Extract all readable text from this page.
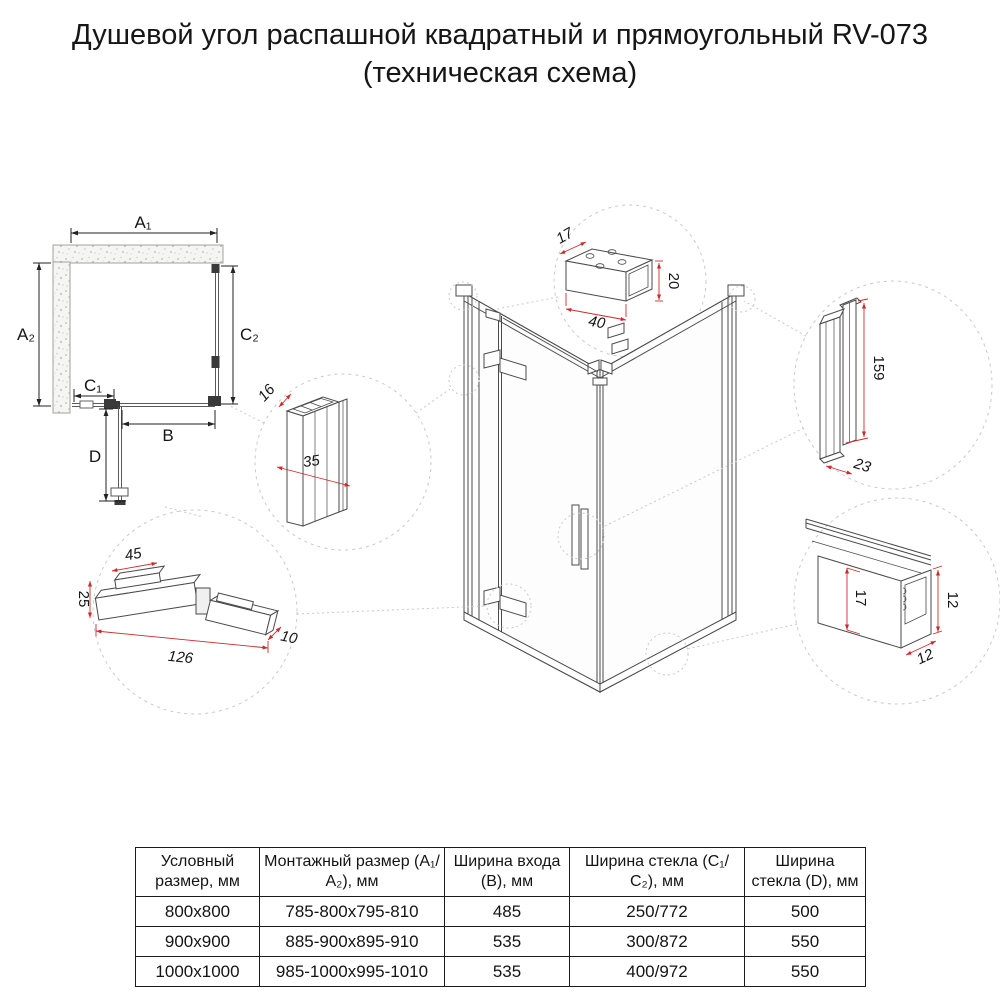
Душевой угол распашной квадратный и прямоугольный RV-073
(техническая схема)
A₁
A₂	C₂
C₁
B
D
45
25
126
10
16
35
17
40
20
159
23
17	12
12
Условный размер, мм	Монтажный размер (А₁/А₂), мм	Ширина входа (В), мм	Ширина стекла (С₁/С₂), мм	Ширина стекла (D), мм
800x800	785-800x795-810	485	250/772	500
900x900	885-900x895-910	535	300/872	550
1000x1000	985-1000x995-1010	535	400/972	550
